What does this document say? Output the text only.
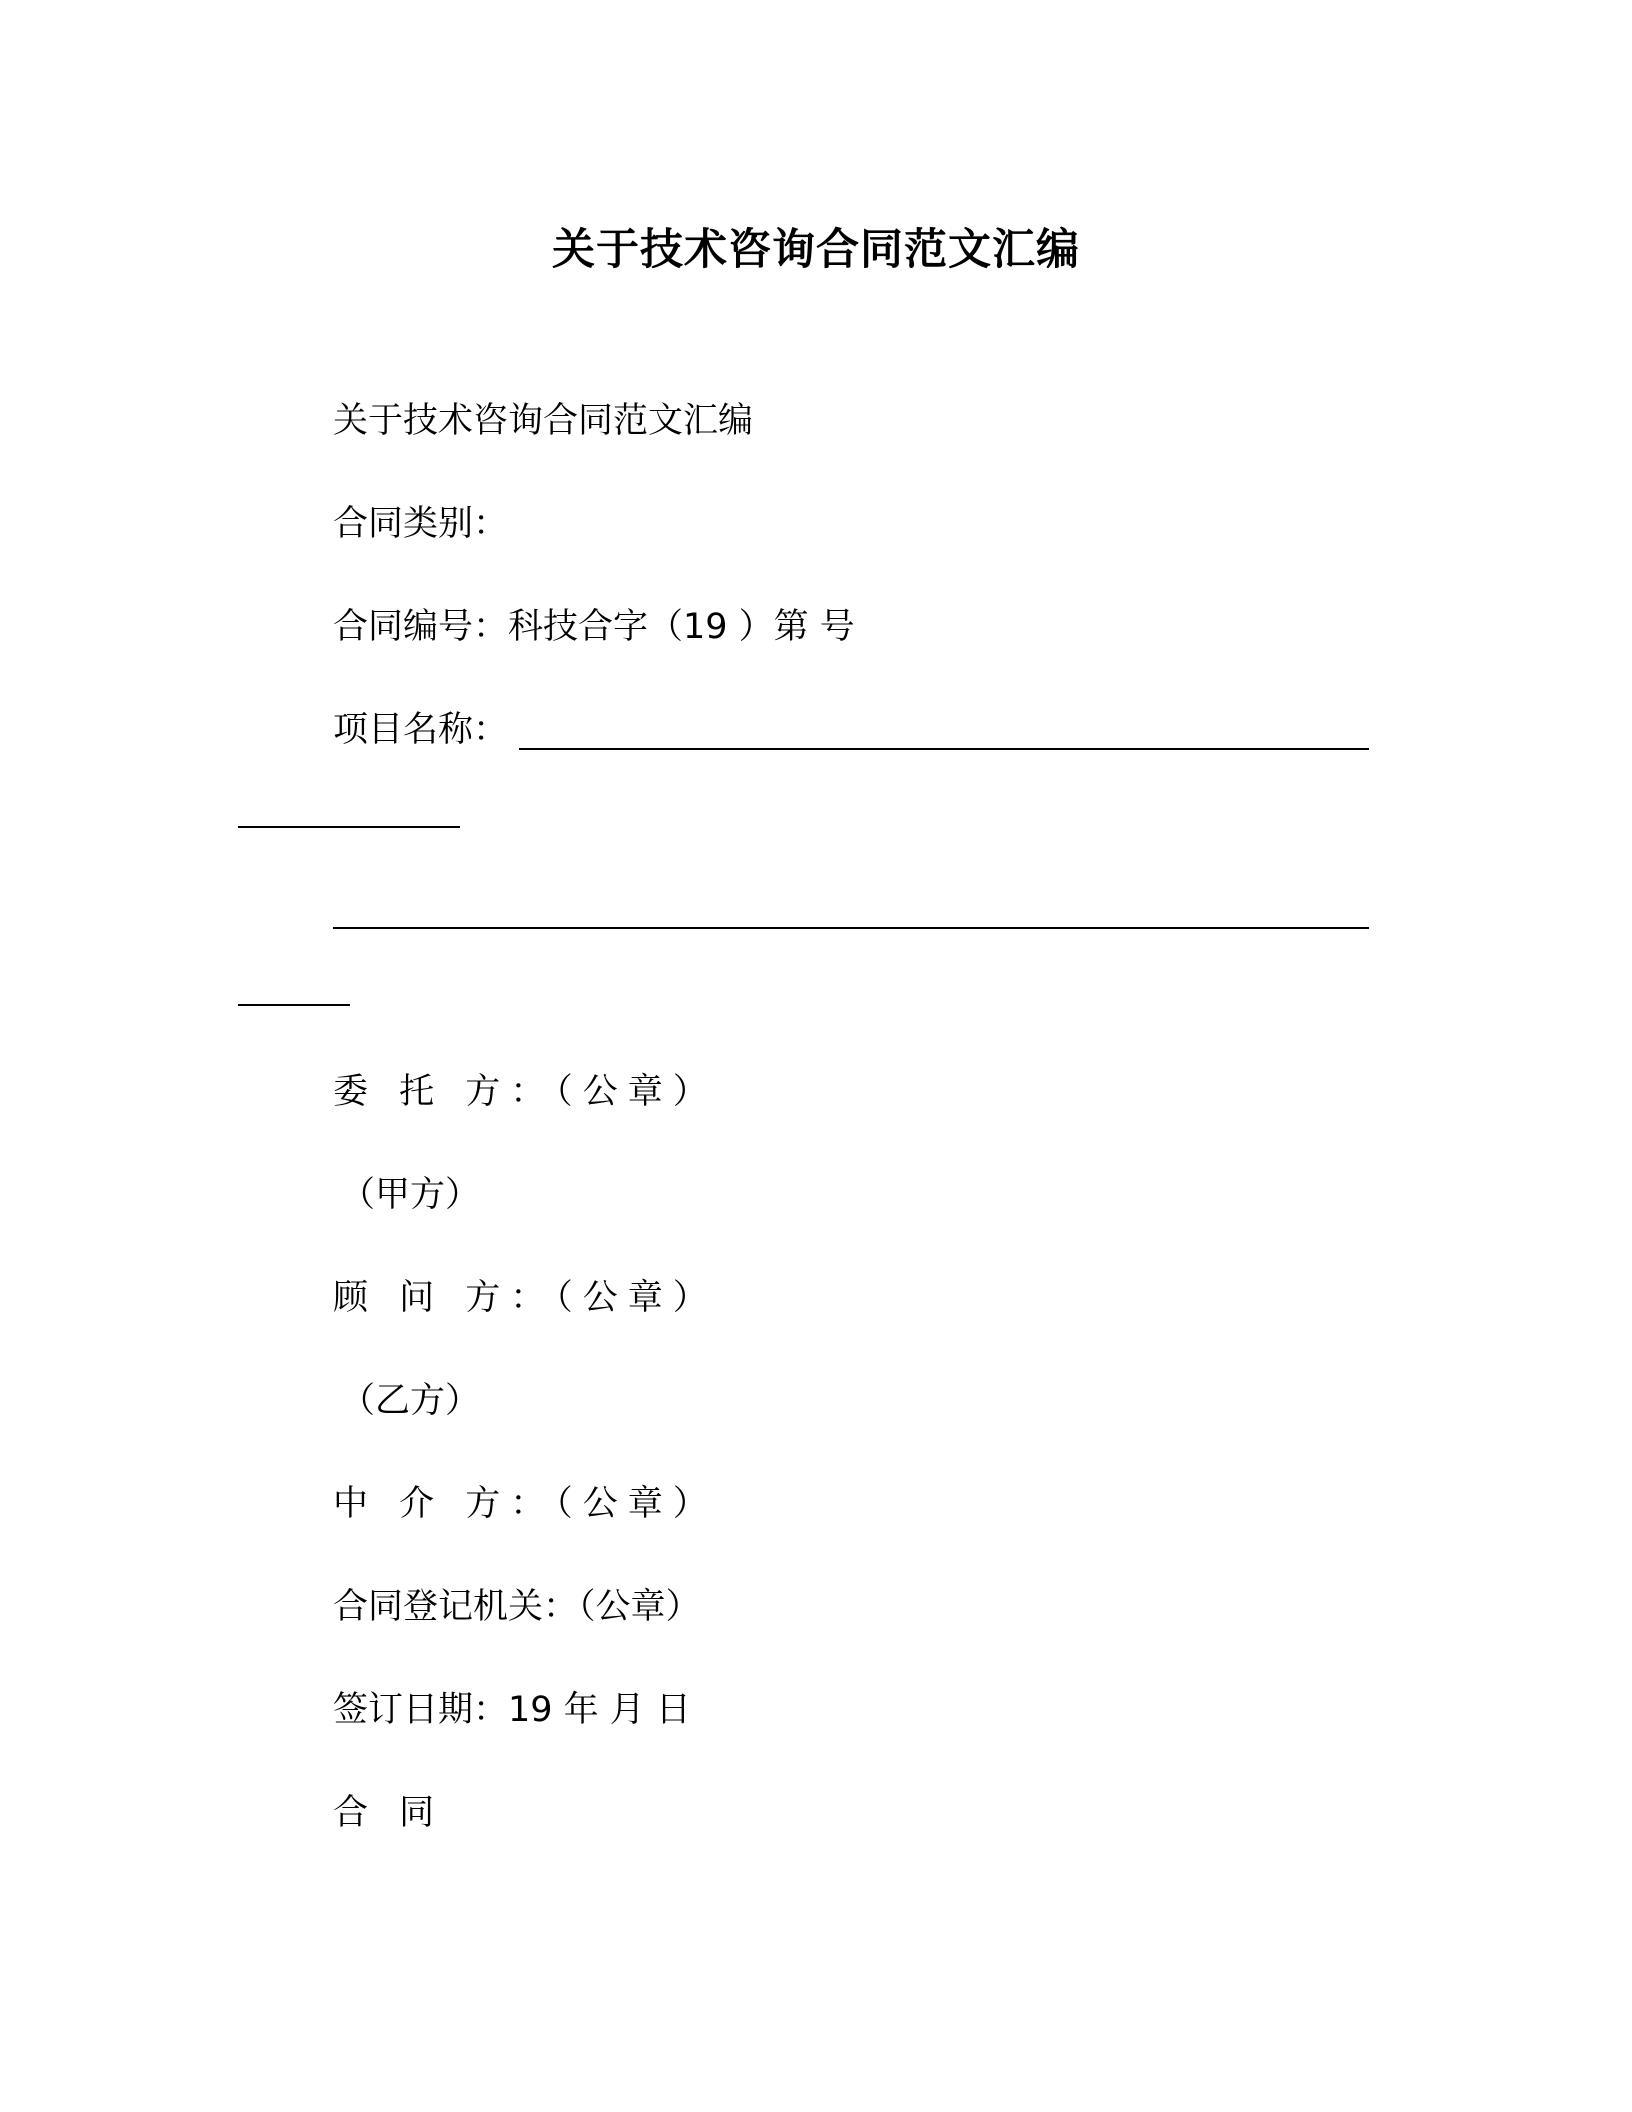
关于技术咨询合同范文汇编
关于技术咨询合同范文汇编
合同类别：
合同编号：科技合字（19 ）第 号
项目名称：
委 托 方：（公章）
（甲方）
顾 问 方：（公章）
（乙方）
中 介 方：（公章）
合同登记机关：（公章）
签订日期：19 年 月 日
合 同
